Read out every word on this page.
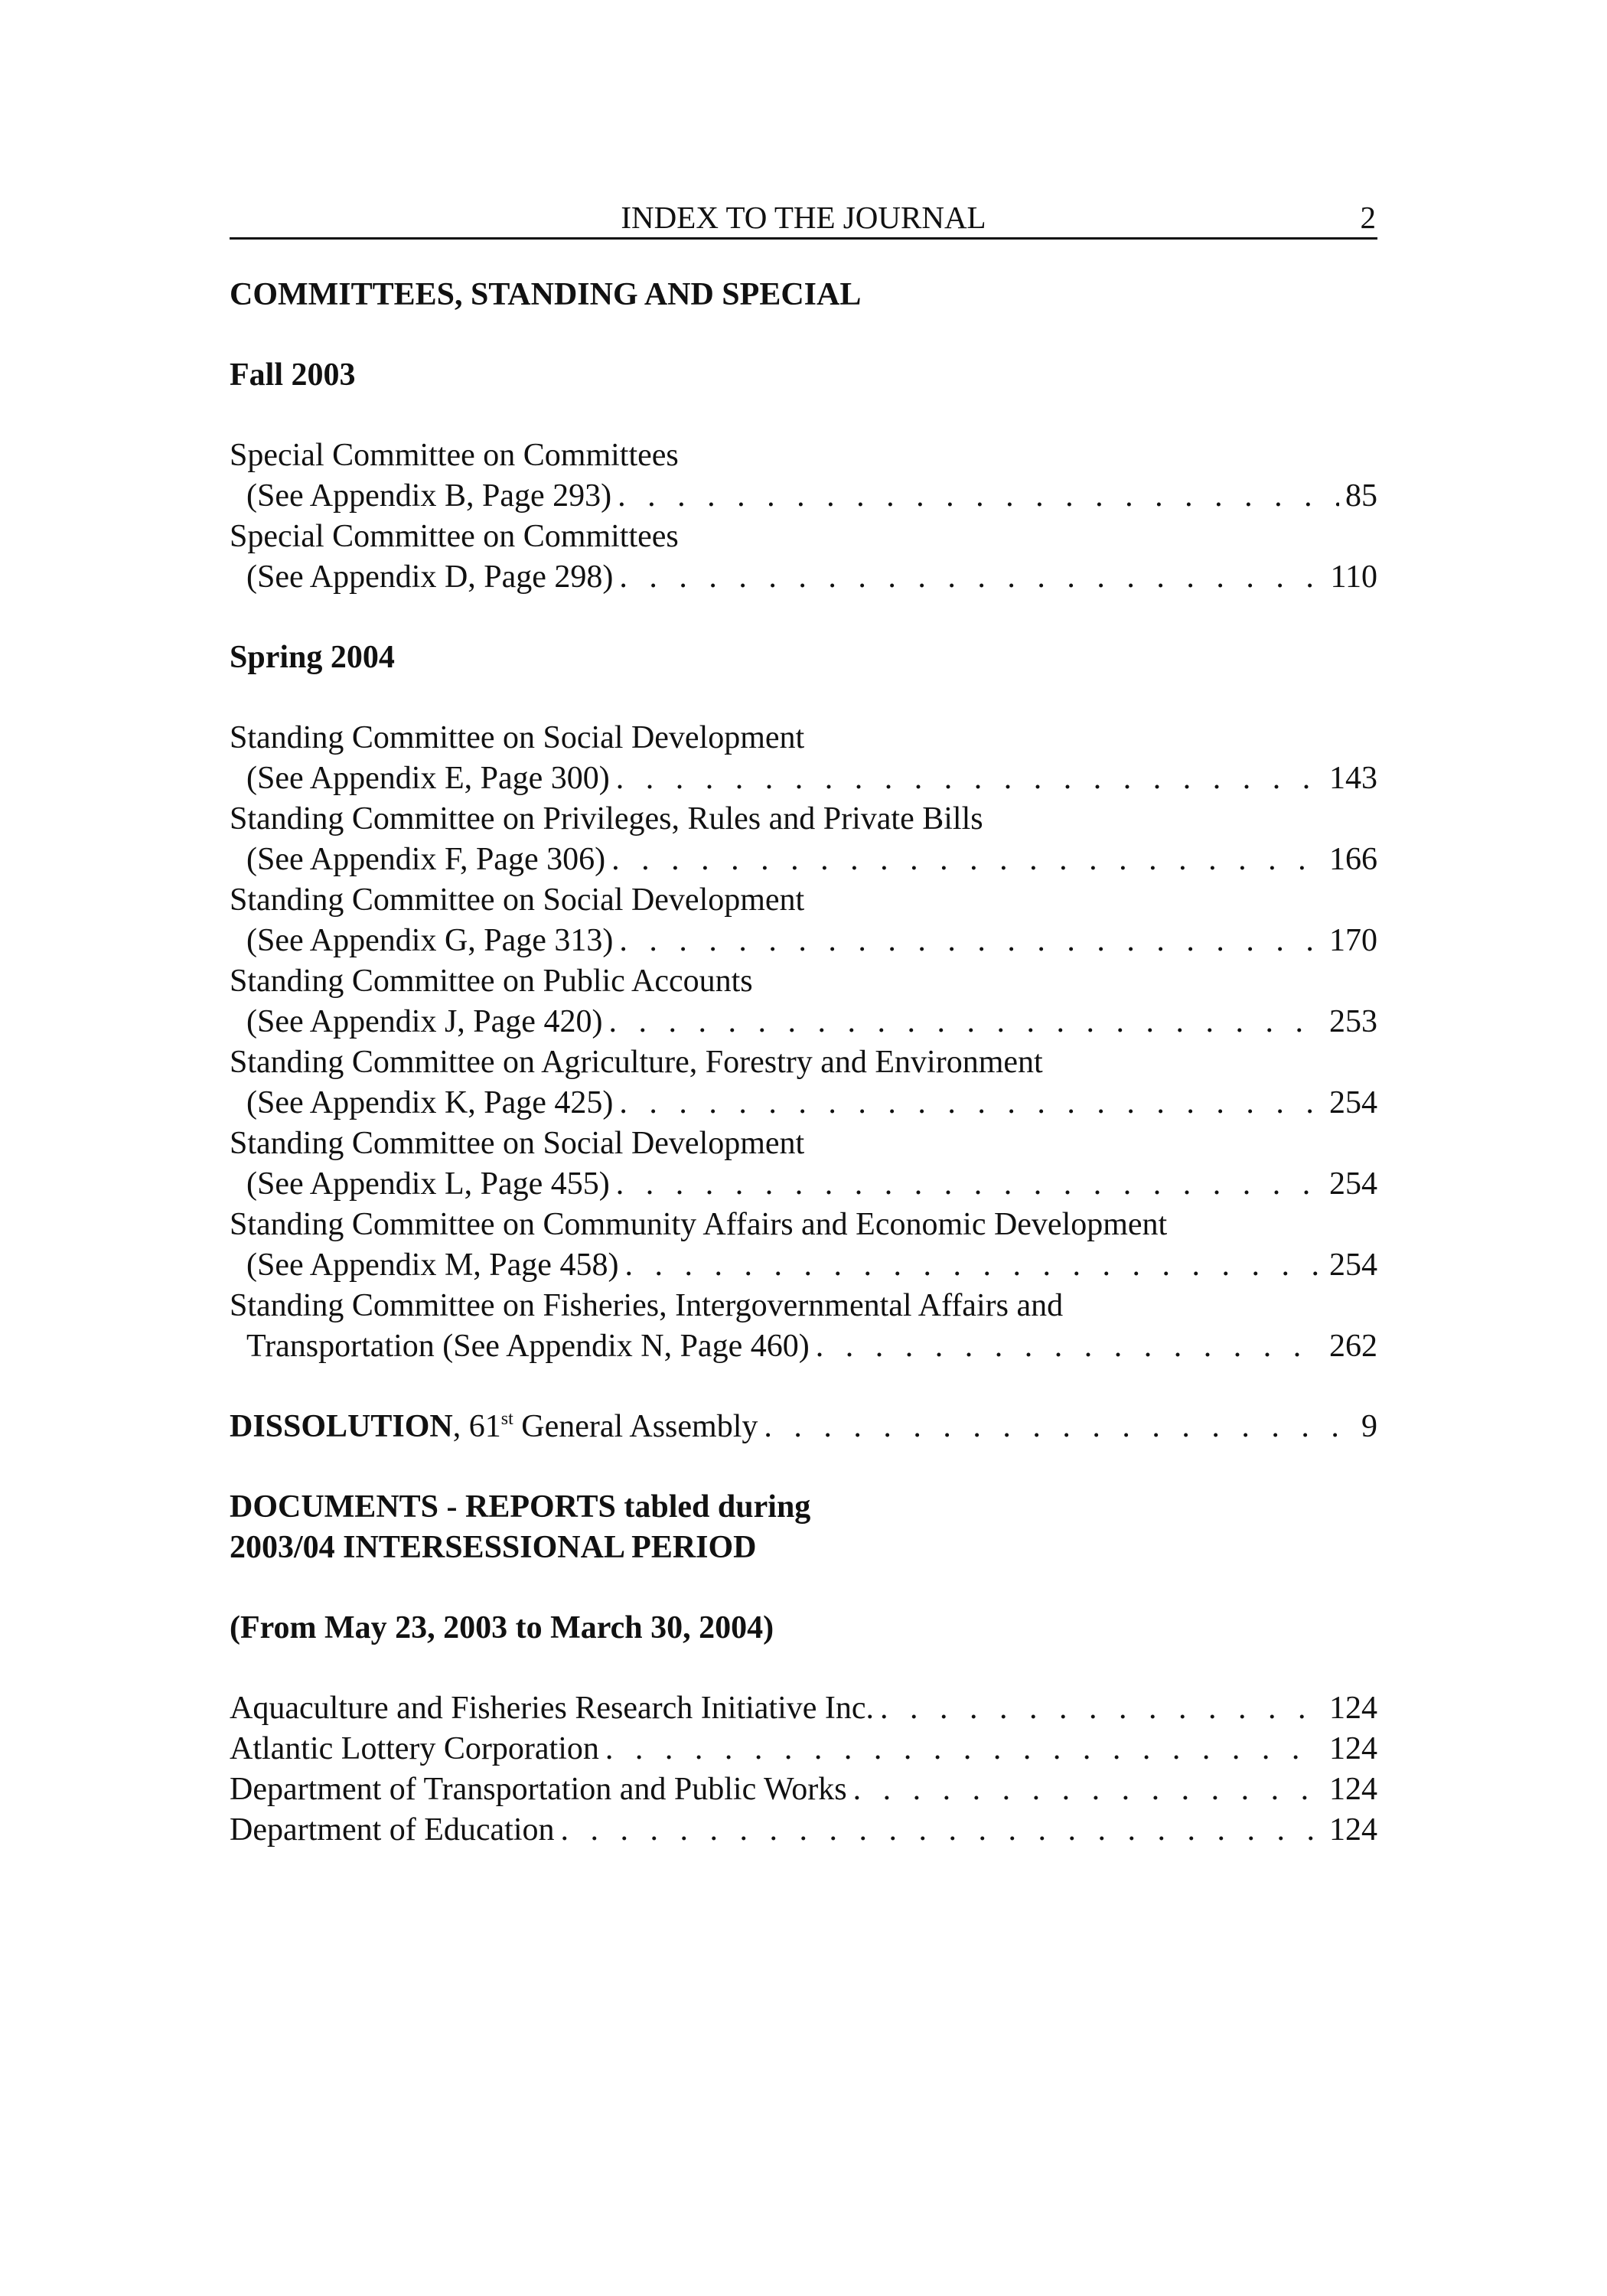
INDEX TO THE JOURNAL	2
COMMITTEES, STANDING AND SPECIAL
Fall 2003
Special Committee on Committees
(See Appendix B, Page 293) . . .	85
Special Committee on Committees
(See Appendix D, Page 298) . . .	110
Spring 2004
Standing Committee on Social Development
(See Appendix E, Page 300) . . .	143
Standing Committee on Privileges, Rules and Private Bills
(See Appendix F, Page 306) . . .	166
Standing Committee on Social Development
(See Appendix G, Page 313) . . .	170
Standing Committee on Public Accounts
(See Appendix J, Page 420) . . .	253
Standing Committee on Agriculture, Forestry and Environment
(See Appendix K, Page 425) . . .	254
Standing Committee on Social Development
(See Appendix L, Page 455) . . .	254
Standing Committee on Community Affairs and Economic Development
(See Appendix M, Page 458) . . .	254
Standing Committee on Fisheries, Intergovernmental Affairs and
Transportation (See Appendix N, Page 460) . . .	262
DISSOLUTION, 61st General Assembly . . .	9
DOCUMENTS - REPORTS tabled during
2003/04 INTERSESSIONAL PERIOD
(From May 23, 2003 to March 30, 2004)
Aquaculture and Fisheries Research Initiative Inc. . . .	124
Atlantic Lottery Corporation . . .	124
Department of Transportation and Public Works . . .	124
Department of Education . . .	124
